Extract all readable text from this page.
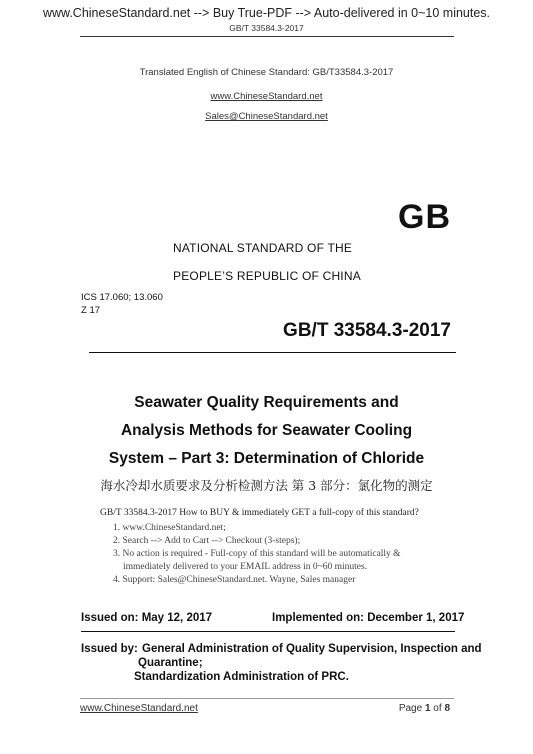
www.ChineseStandard.net --> Buy True-PDF --> Auto-delivered in 0~10 minutes.
GB/T 33584.3-2017
Translated English of Chinese Standard: GB/T33584.3-2017
www.ChineseStandard.net
Sales@ChineseStandard.net
GB
NATIONAL STANDARD OF THE
PEOPLE’S REPUBLIC OF CHINA
ICS 17.060; 13.060
Z 17
GB/T 33584.3-2017
Seawater Quality Requirements and
Analysis Methods for Seawater Cooling
System – Part 3: Determination of Chloride
海水冷却水质要求及分析检测方法 第 3 部分：氯化物的测定
GB/T 33584.3-2017 How to BUY & immediately GET a full-copy of this standard?
1. www.ChineseStandard.net;
2. Search --> Add to Cart --> Checkout (3-steps);
3. No action is required - Full-copy of this standard will be automatically &
immediately delivered to your EMAIL address in 0~60 minutes.
4. Support: Sales@ChineseStandard.net. Wayne, Sales manager
Issued on: May 12, 2017	Implemented on: December 1, 2017
Issued by: General Administration of Quality Supervision, Inspection and
Quarantine;
Standardization Administration of PRC.
www.ChineseStandard.net	Page 1 of 8
